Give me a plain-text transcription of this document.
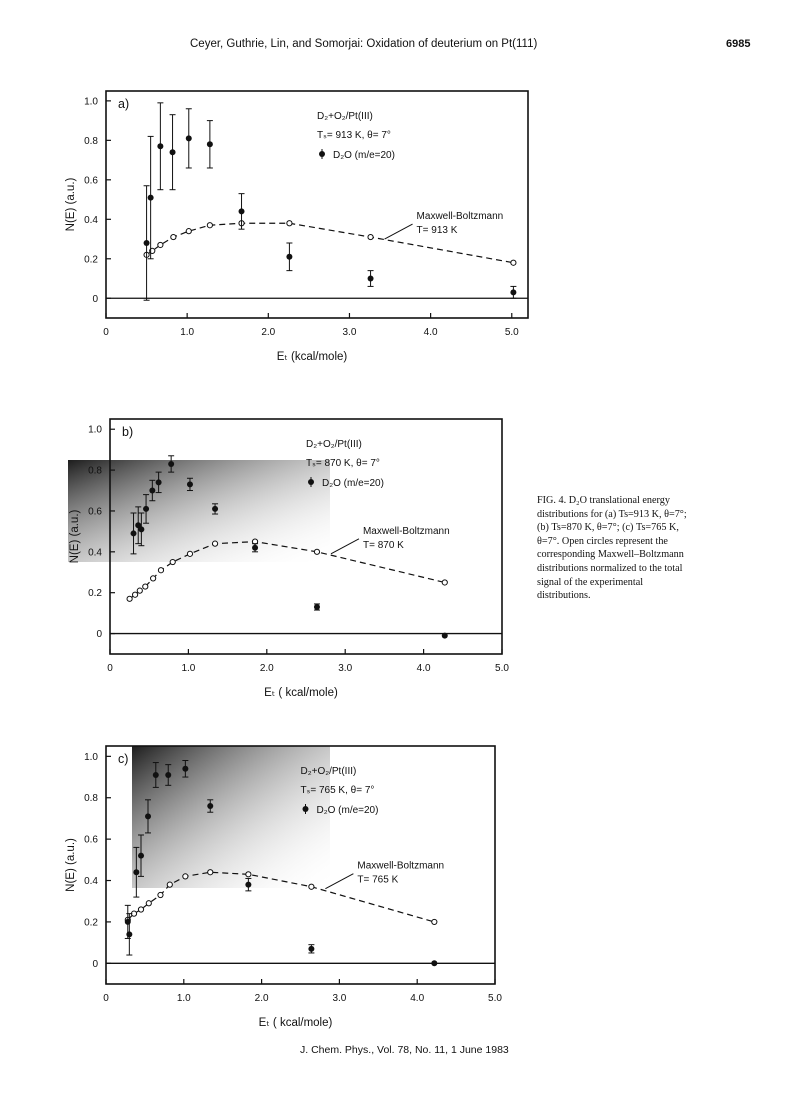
Ceyer, Guthrie, Lin, and Somorjai: Oxidation of deuterium on Pt(111)	6985
0	1.0	2.0	3.0	4.0	5.0
0
0.2
0.4
0.6
0.8
1.0
Eₜ (kcal/mole)
N(E) (a.u.)
a)
D₂+O₂/Pt(III)
Tₛ= 913 K, θ= 7°
D₂O (m/e=20)
Maxwell-Boltzmann
T= 913 K
0	1.0	2.0	3.0	4.0	5.0
0
0.2
0.4
0.6
0.8
1.0
Eₜ ( kcal/mole)
N(E) (a.u.)
b)
D₂+O₂/Pt(III)
Tₛ= 870 K, θ= 7°
D₂O (m/e=20)
Maxwell-Boltzmann
T= 870 K
0	1.0	2.0	3.0	4.0	5.0
0
0.2
0.4
0.6
0.8
1.0
Eₜ ( kcal/mole)
N(E) (a.u.)
c)
D₂+O₂/Pt(III)
Tₛ= 765 K, θ= 7°
D₂O (m/e=20)
Maxwell-Boltzmann
T= 765 K

FIG. 4. D₂O translational energy distributions for (a) Ts=913 K, θ=7°; (b) Ts=870 K, θ=7°; (c) Ts=765 K, θ=7°. Open circles represent the corresponding Maxwell–Boltzmann distributions normalized to the total signal of the experimental distributions.

J. Chem. Phys., Vol. 78, No. 11, 1 June 1983
